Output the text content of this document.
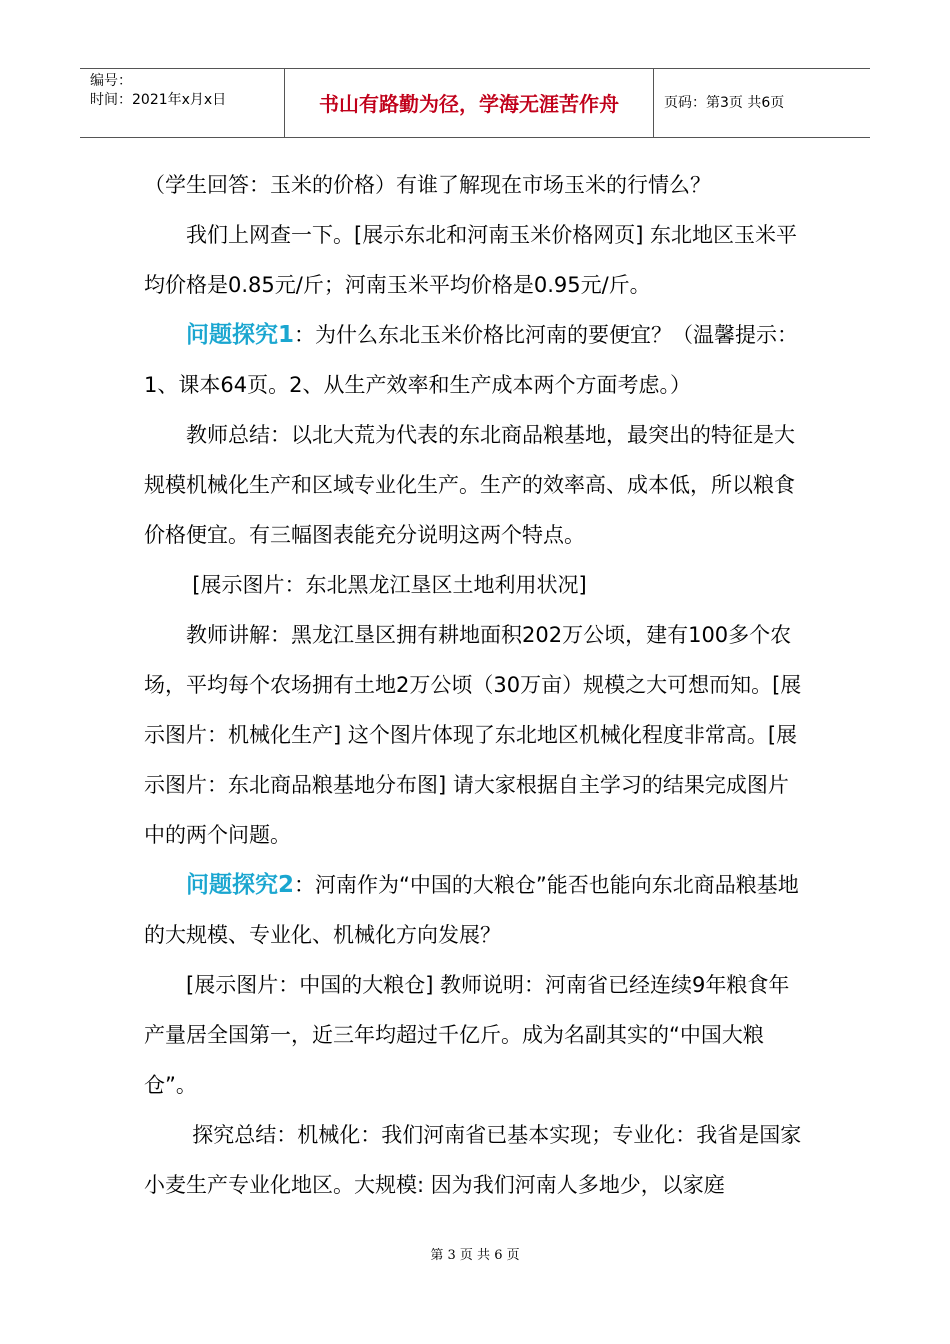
编号：
时间：2021年x月x日	书山有路勤为径，学海无涯苦作舟	页码：第3页 共6页

（学生回答：玉米的价格）有谁了解现在市场玉米的行情么？

我们上网查一下。[展示东北和河南玉米价格网页] 东北地区玉米平均价格是0.85元/斤；河南玉米平均价格是0.95元/斤。

问题探究1：为什么东北玉米价格比河南的要便宜？（温馨提示：1、课本64页。2、从生产效率和生产成本两个方面考虑。）

教师总结：以北大荒为代表的东北商品粮基地，最突出的特征是大规模机械化生产和区域专业化生产。生产的效率高、成本低，所以粮食价格便宜。有三幅图表能充分说明这两个特点。

[展示图片：东北黑龙江垦区土地利用状况]

教师讲解：黑龙江垦区拥有耕地面积202万公顷，建有100多个农场，平均每个农场拥有土地2万公顷（30万亩）规模之大可想而知。[展示图片：机械化生产] 这个图片体现了东北地区机械化程度非常高。[展示图片：东北商品粮基地分布图] 请大家根据自主学习的结果完成图片中的两个问题。

问题探究2：河南作为“中国的大粮仓”能否也能向东北商品粮基地的大规模、专业化、机械化方向发展？

[展示图片：中国的大粮仓] 教师说明：河南省已经连续9年粮食年产量居全国第一，近三年均超过千亿斤。成为名副其实的“中国大粮仓”。

探究总结：机械化：我们河南省已基本实现；专业化：我省是国家小麦生产专业化地区。大规模: 因为我们河南人多地少，以家庭

第 3 页 共 6 页
